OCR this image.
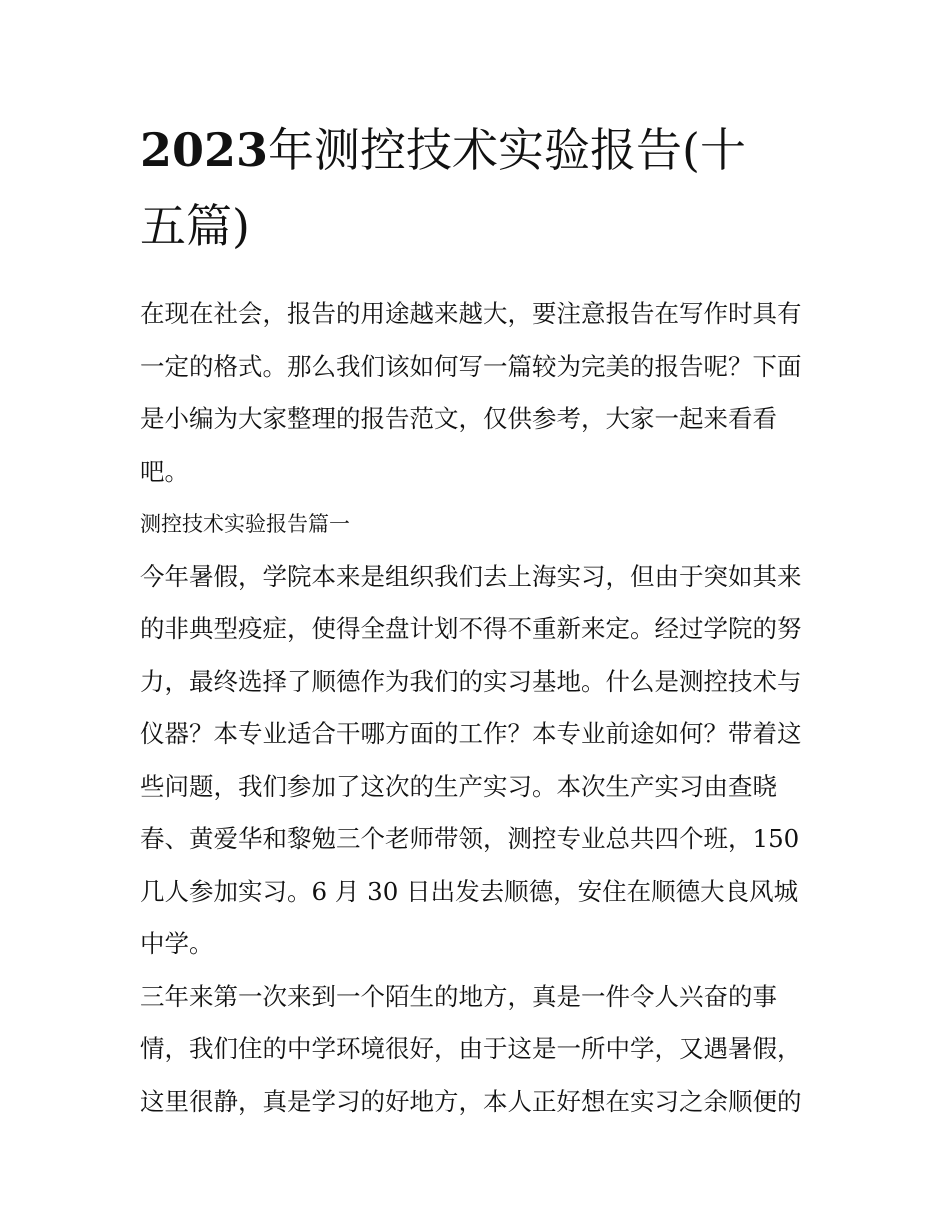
2023年测控技术实验报告(十
五篇)

在现在社会，报告的用途越来越大，要注意报告在写作时具有
一定的格式。那么我们该如何写一篇较为完美的报告呢？下面
是小编为大家整理的报告范文，仅供参考，大家一起来看看
吧。

测控技术实验报告篇一

今年暑假，学院本来是组织我们去上海实习，但由于突如其来
的非典型疫症，使得全盘计划不得不重新来定。经过学院的努
力，最终选择了顺德作为我们的实习基地。什么是测控技术与
仪器？本专业适合干哪方面的工作？本专业前途如何？带着这
些问题，我们参加了这次的生产实习。本次生产实习由查晓
春、黄爱华和黎勉三个老师带领，测控专业总共四个班，150
几人参加实习。6 月 30 日出发去顺德，安住在顺德大良风城
中学。

三年来第一次来到一个陌生的地方，真是一件令人兴奋的事
情，我们住的中学环境很好，由于这是一所中学，又遇暑假，
这里很静，真是学习的好地方，本人正好想在实习之余顺便的
